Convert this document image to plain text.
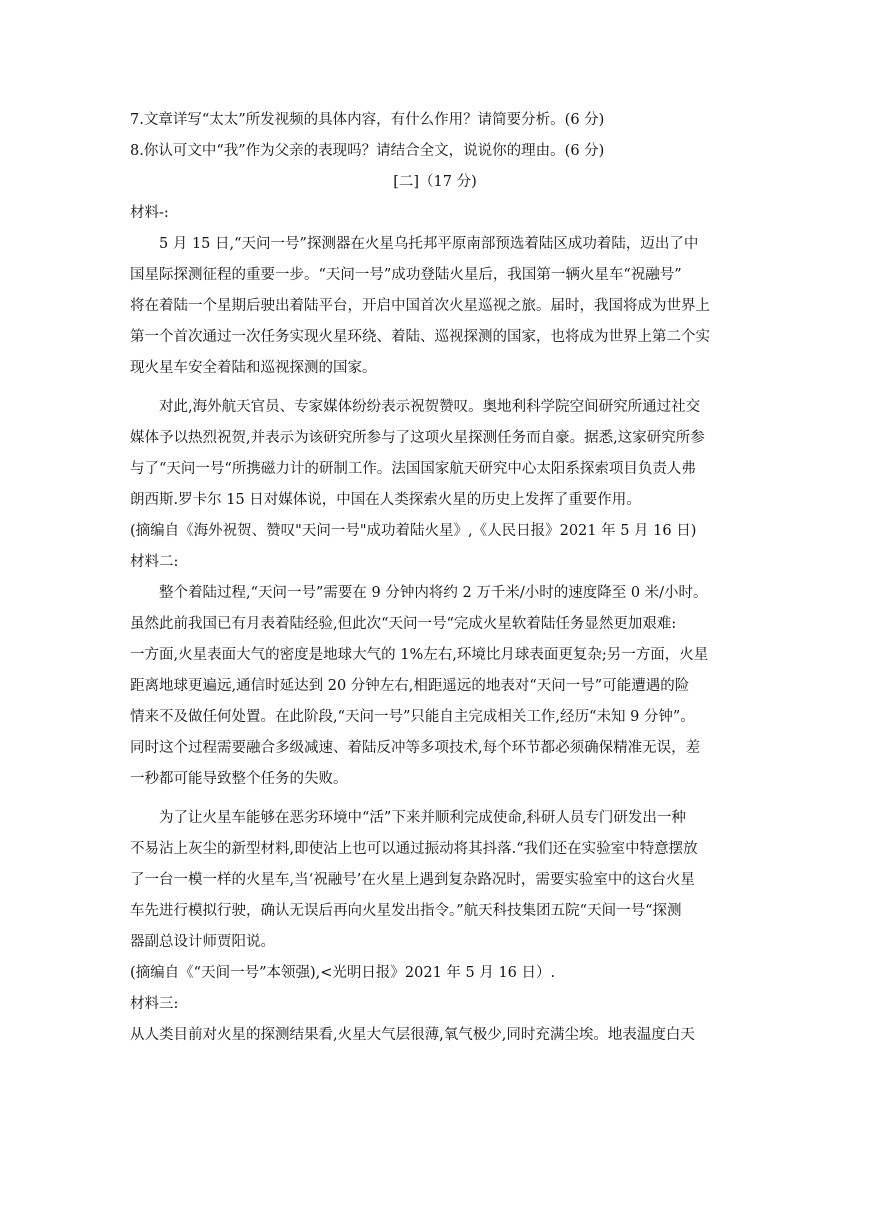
7.文章详写“太太”所发视频的具体内容，有什么作用？请简要分析。(6 分)
8.你认可文中“我”作为父亲的表现吗？请结合全文，说说你的理由。(6 分)
[二]（17 分)
材料-:
5 月 15 日,“天问一号”探测器在火星乌托邦平原南部预选着陆区成功着陆，迈出了中
国星际探测征程的重要一步。“天问一号”成功登陆火星后，我国第一辆火星车“祝融号”
将在着陆一个星期后驶出着陆平台，开启中国首次火星巡视之旅。届时，我国将成为世界上
第一个首次通过一次任务实现火星环绕、着陆、巡视探测的国家，也将成为世界上第二个实
现火星车安全着陆和巡视探测的国家。
对此,海外航天官员、专家媒体纷纷表示祝贺赞叹。奥地利科学院空间研究所通过社交
媒体予以热烈祝贺,并表示为该研究所参与了这项火星探测任务而自豪。据悉,这家研究所参
与了“天问一号“所携磁力计的研制工作。法国国家航天研究中心太阳系探索项目负责人弗
朗西斯.罗卡尔 15 日对媒体说，中国在人类探索火星的历史上发挥了重要作用。
(摘编自《海外祝贺、赞叹"天问一号"成功着陆火星》,《人民日报》2021 年 5 月 16 日)
材料二:
整个着陆过程,“天问一号”需要在 9 分钟内将约 2 万千米/小时的速度降至 0 米/小时。
虽然此前我国已有月表着陆经验,但此次“天问一号“完成火星软着陆任务显然更加艰难:
一方面,火星表面大气的密度是地球大气的 1%左右,环境比月球表面更复杂;另一方面，火星
距离地球更遍远,通信时延达到 20 分钟左右,相距遥远的地表对“天问一号”可能遭遇的险
情来不及做任何处置。在此阶段,“天问一号”只能自主完成相关工作,经历“未知 9 分钟”。
同时这个过程需要融合多级减速、着陆反冲等多项技术,每个环节都必须确保精准无误，差
一秒都可能导致整个任务的失败。
为了让火星车能够在恶劣环境中“活”下来并顺利完成使命,科研人员专门研发出一种
不易沾上灰尘的新型材料,即使沾上也可以通过振动将其抖落.“我们还在实验室中特意摆放
了一台一模一样的火星车,当‘祝融号’在火星上遇到复杂路况时，需要实验室中的这台火星
车先进行模拟行驶，确认无误后再向火星发出指令。”航天科技集团五院“天间一号“探测
器副总设计师贾阳说。
(摘编自《“天间一号”本领强),<光明日报》2021 年 5 月 16 日）.
材料三:
从人类目前对火星的探测结果看,火星大气层很薄,氧气极少,同时充满尘埃。地表温度白天
